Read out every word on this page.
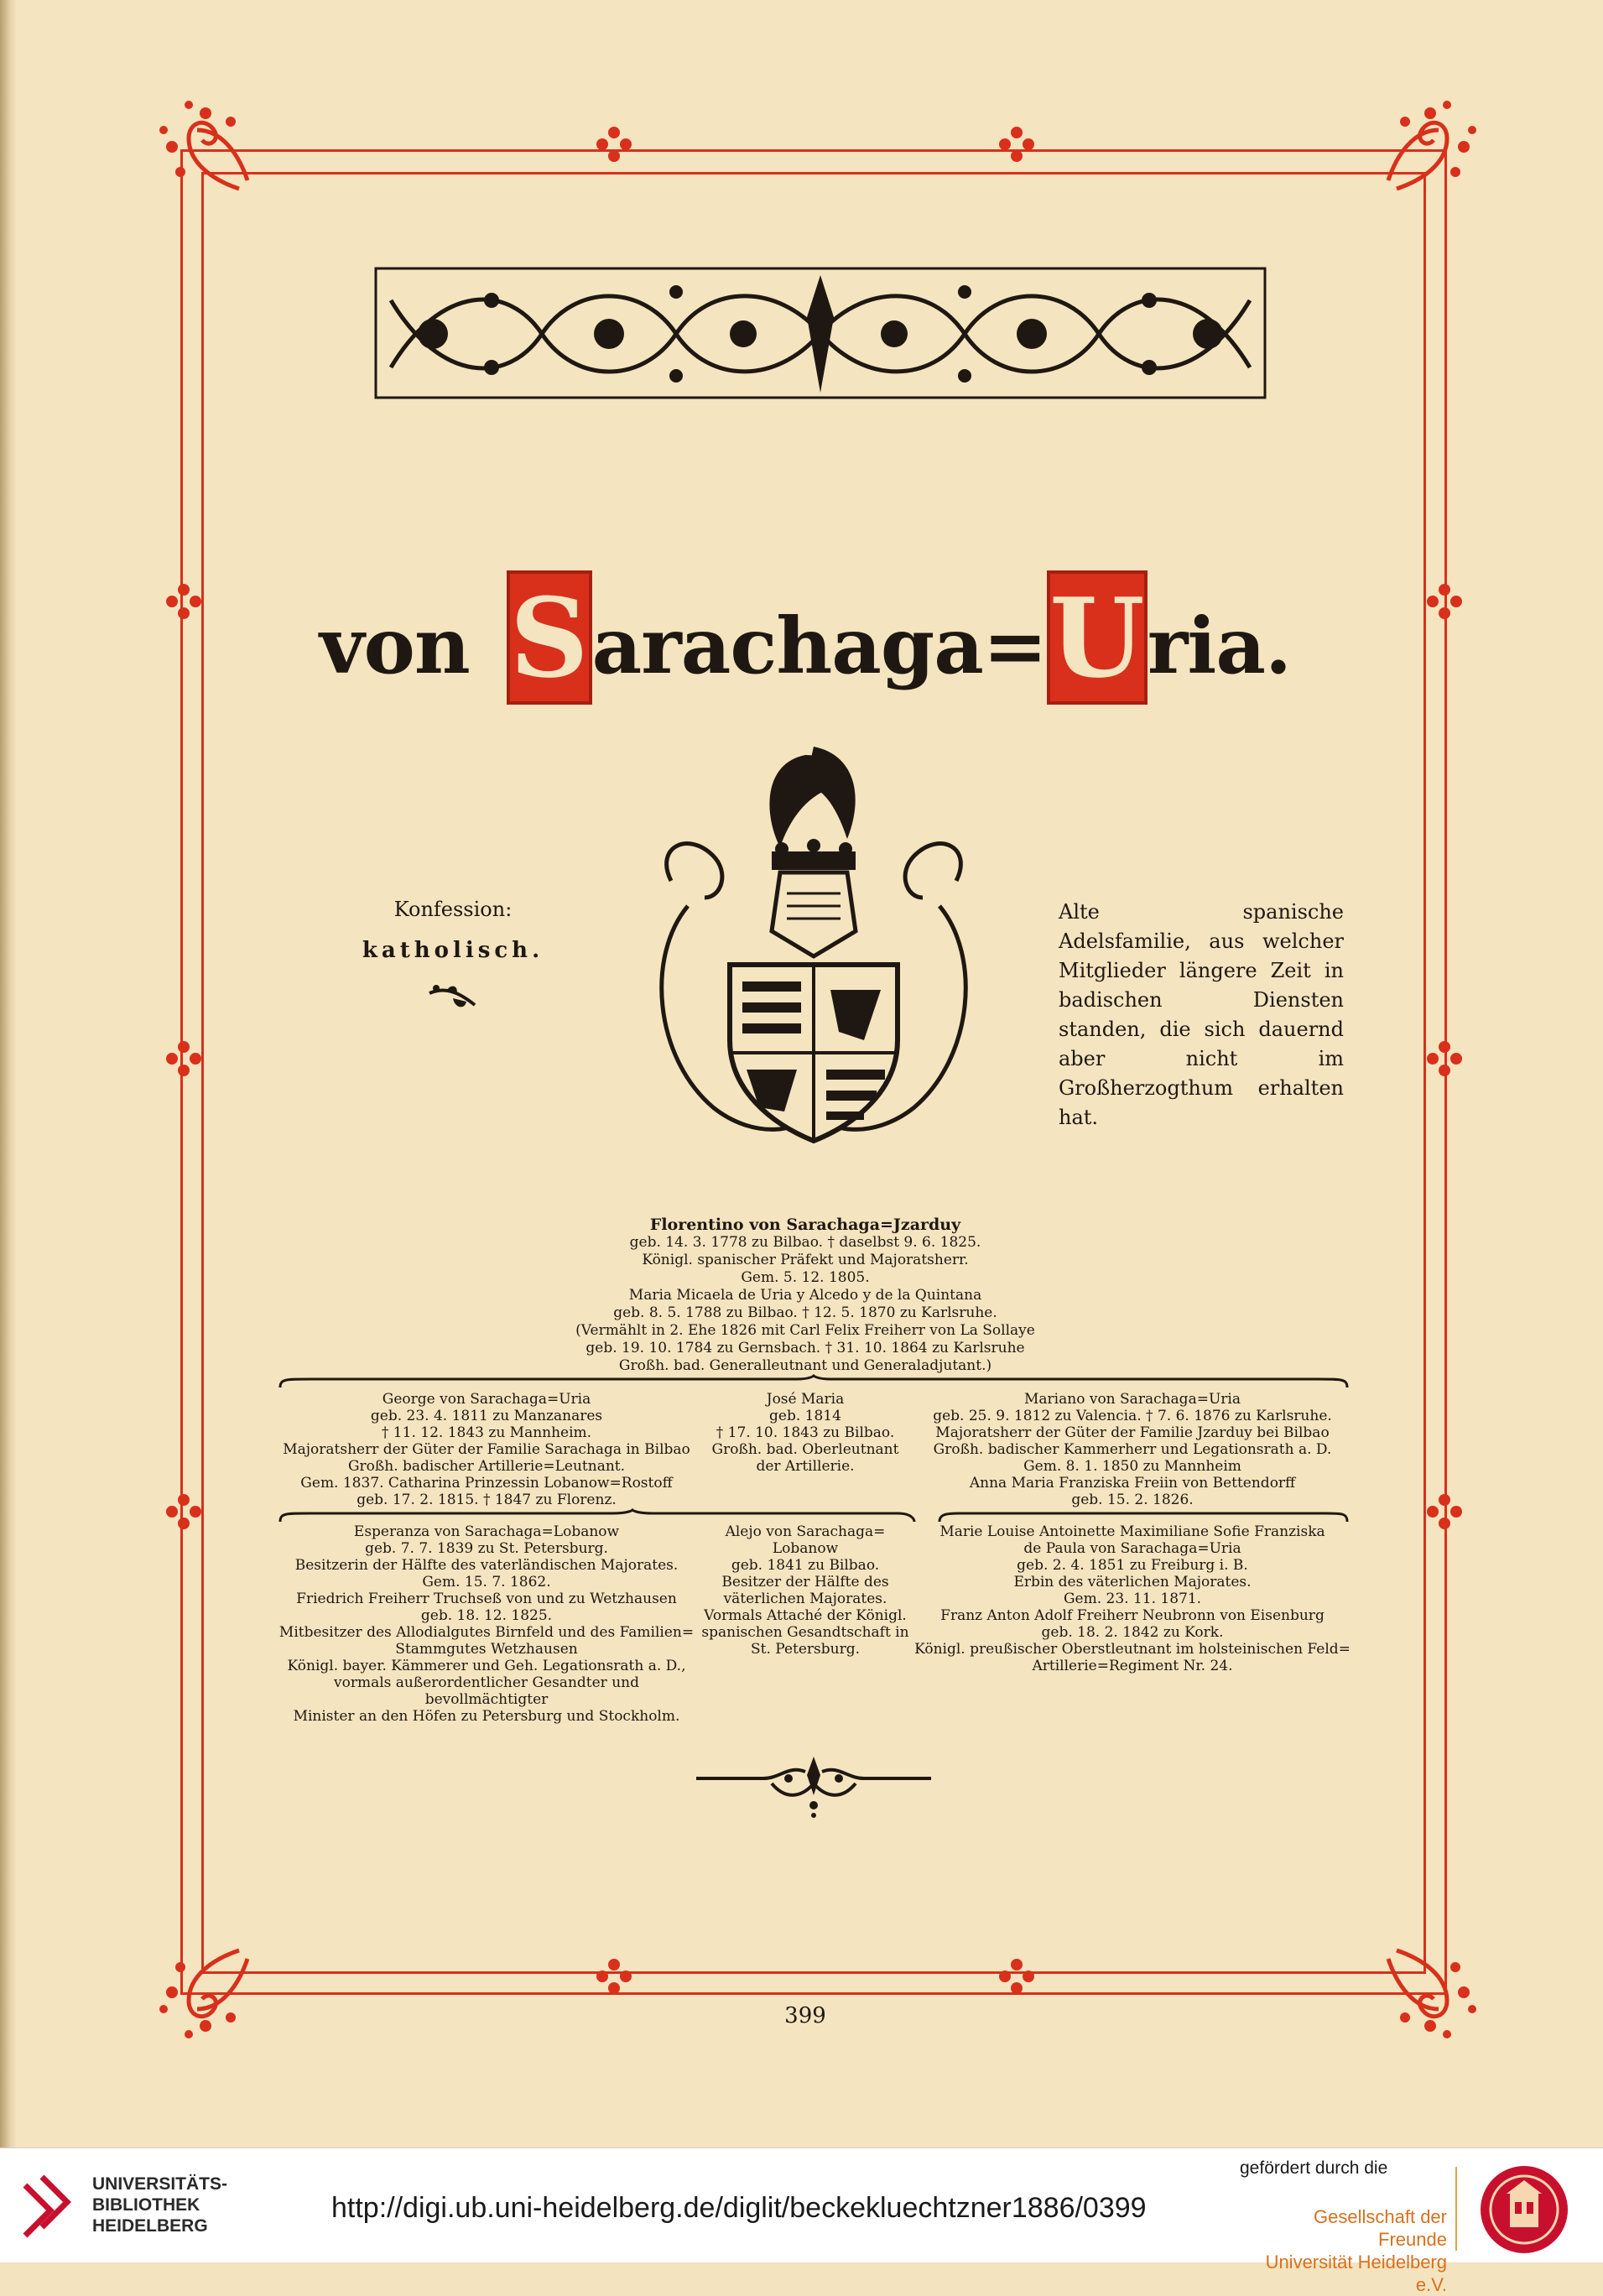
von S arachaga= U ria.
Konfession:
katholisch.
Alte spanische Adelsfamilie, aus welcher Mitglieder längere Zeit in badischen Diensten standen, die sich dauernd aber nicht im Großherzogthum erhalten hat.
Florentino von Sarachaga=Jzarduy
geb. 14. 3. 1778 zu Bilbao. † daselbst 9. 6. 1825.
Königl. spanischer Präfekt und Majoratsherr.
Gem. 5. 12. 1805.
Maria Micaela de Uria y Alcedo y de la Quintana
geb. 8. 5. 1788 zu Bilbao. † 12. 5. 1870 zu Karlsruhe.
(Vermählt in 2. Ehe 1826 mit Carl Felix Freiherr von La Sollaye
geb. 19. 10. 1784 zu Gernsbach. † 31. 10. 1864 zu Karlsruhe
Großh. bad. Generalleutnant und Generaladjutant.)
George von Sarachaga=Uria
geb. 23. 4. 1811 zu Manzanares
† 11. 12. 1843 zu Mannheim.
Majoratsherr der Güter der Familie Sarachaga in Bilbao
Großh. badischer Artillerie=Leutnant.
Gem. 1837. Catharina Prinzessin Lobanow=Rostoff
geb. 17. 2. 1815. † 1847 zu Florenz.
José Maria
geb. 1814
† 17. 10. 1843 zu Bilbao.
Großh. bad. Oberleutnant
der Artillerie.
Mariano von Sarachaga=Uria
geb. 25. 9. 1812 zu Valencia. † 7. 6. 1876 zu Karlsruhe.
Majoratsherr der Güter der Familie Jzarduy bei Bilbao
Großh. badischer Kammerherr und Legationsrath a. D.
Gem. 8. 1. 1850 zu Mannheim
Anna Maria Franziska Freiin von Bettendorff
geb. 15. 2. 1826.
Esperanza von Sarachaga=Lobanow
geb. 7. 7. 1839 zu St. Petersburg.
Besitzerin der Hälfte des vaterländischen Majorates.
Gem. 15. 7. 1862.
Friedrich Freiherr Truchseß von und zu Wetzhausen
geb. 18. 12. 1825.
Mitbesitzer des Allodialgutes Birnfeld und des Familien=
Stammgutes Wetzhausen
Königl. bayer. Kämmerer und Geh. Legationsrath a. D.,
vormals außerordentlicher Gesandter und bevollmächtigter
Minister an den Höfen zu Petersburg und Stockholm.
Alejo von Sarachaga=
Lobanow
geb. 1841 zu Bilbao.
Besitzer der Hälfte des
väterlichen Majorates.
Vormals Attaché der Königl.
spanischen Gesandtschaft in
St. Petersburg.
Marie Louise Antoinette Maximiliane Sofie Franziska
de Paula von Sarachaga=Uria
geb. 2. 4. 1851 zu Freiburg i. B.
Erbin des väterlichen Majorates.
Gem. 23. 11. 1871.
Franz Anton Adolf Freiherr Neubronn von Eisenburg
geb. 18. 2. 1842 zu Kork.
Königl. preußischer Oberstleutnant im holsteinischen Feld=
Artillerie=Regiment Nr. 24.
399
UNIVERSITÄTS-
BIBLIOTHEK
HEIDELBERG
http://digi.ub.uni-heidelberg.de/diglit/beckekluechtzner1886/0399
gefördert durch die
Gesellschaft der Freunde
Universität Heidelberg e.V.
